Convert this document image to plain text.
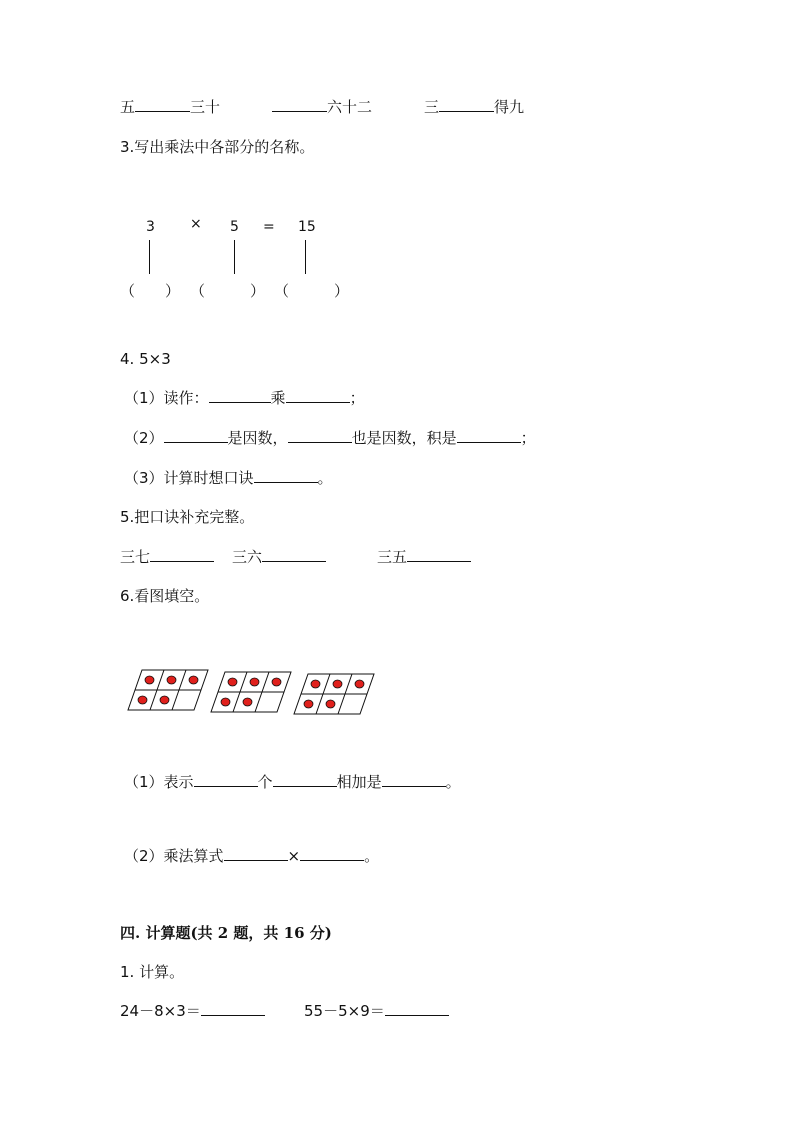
五	三十	六十二	三	得九
3.写出乘法中各部分的名称。
3	× 5 = 15
（　　） （　　　） （　　　）
4. 5×3
（1）读作：	乘	；
（2）	是因数，	也是因数，积是	；
（3）计算时想口诀	。
5.把口诀补充完整。
三七	三六	三五
6.看图填空。
（1）表示	个	相加是	。
（2）乘法算式	×	。
四. 计算题(共 2 题，共 16 分)
1. 计算。
24－8×3＝	55－5×9＝
